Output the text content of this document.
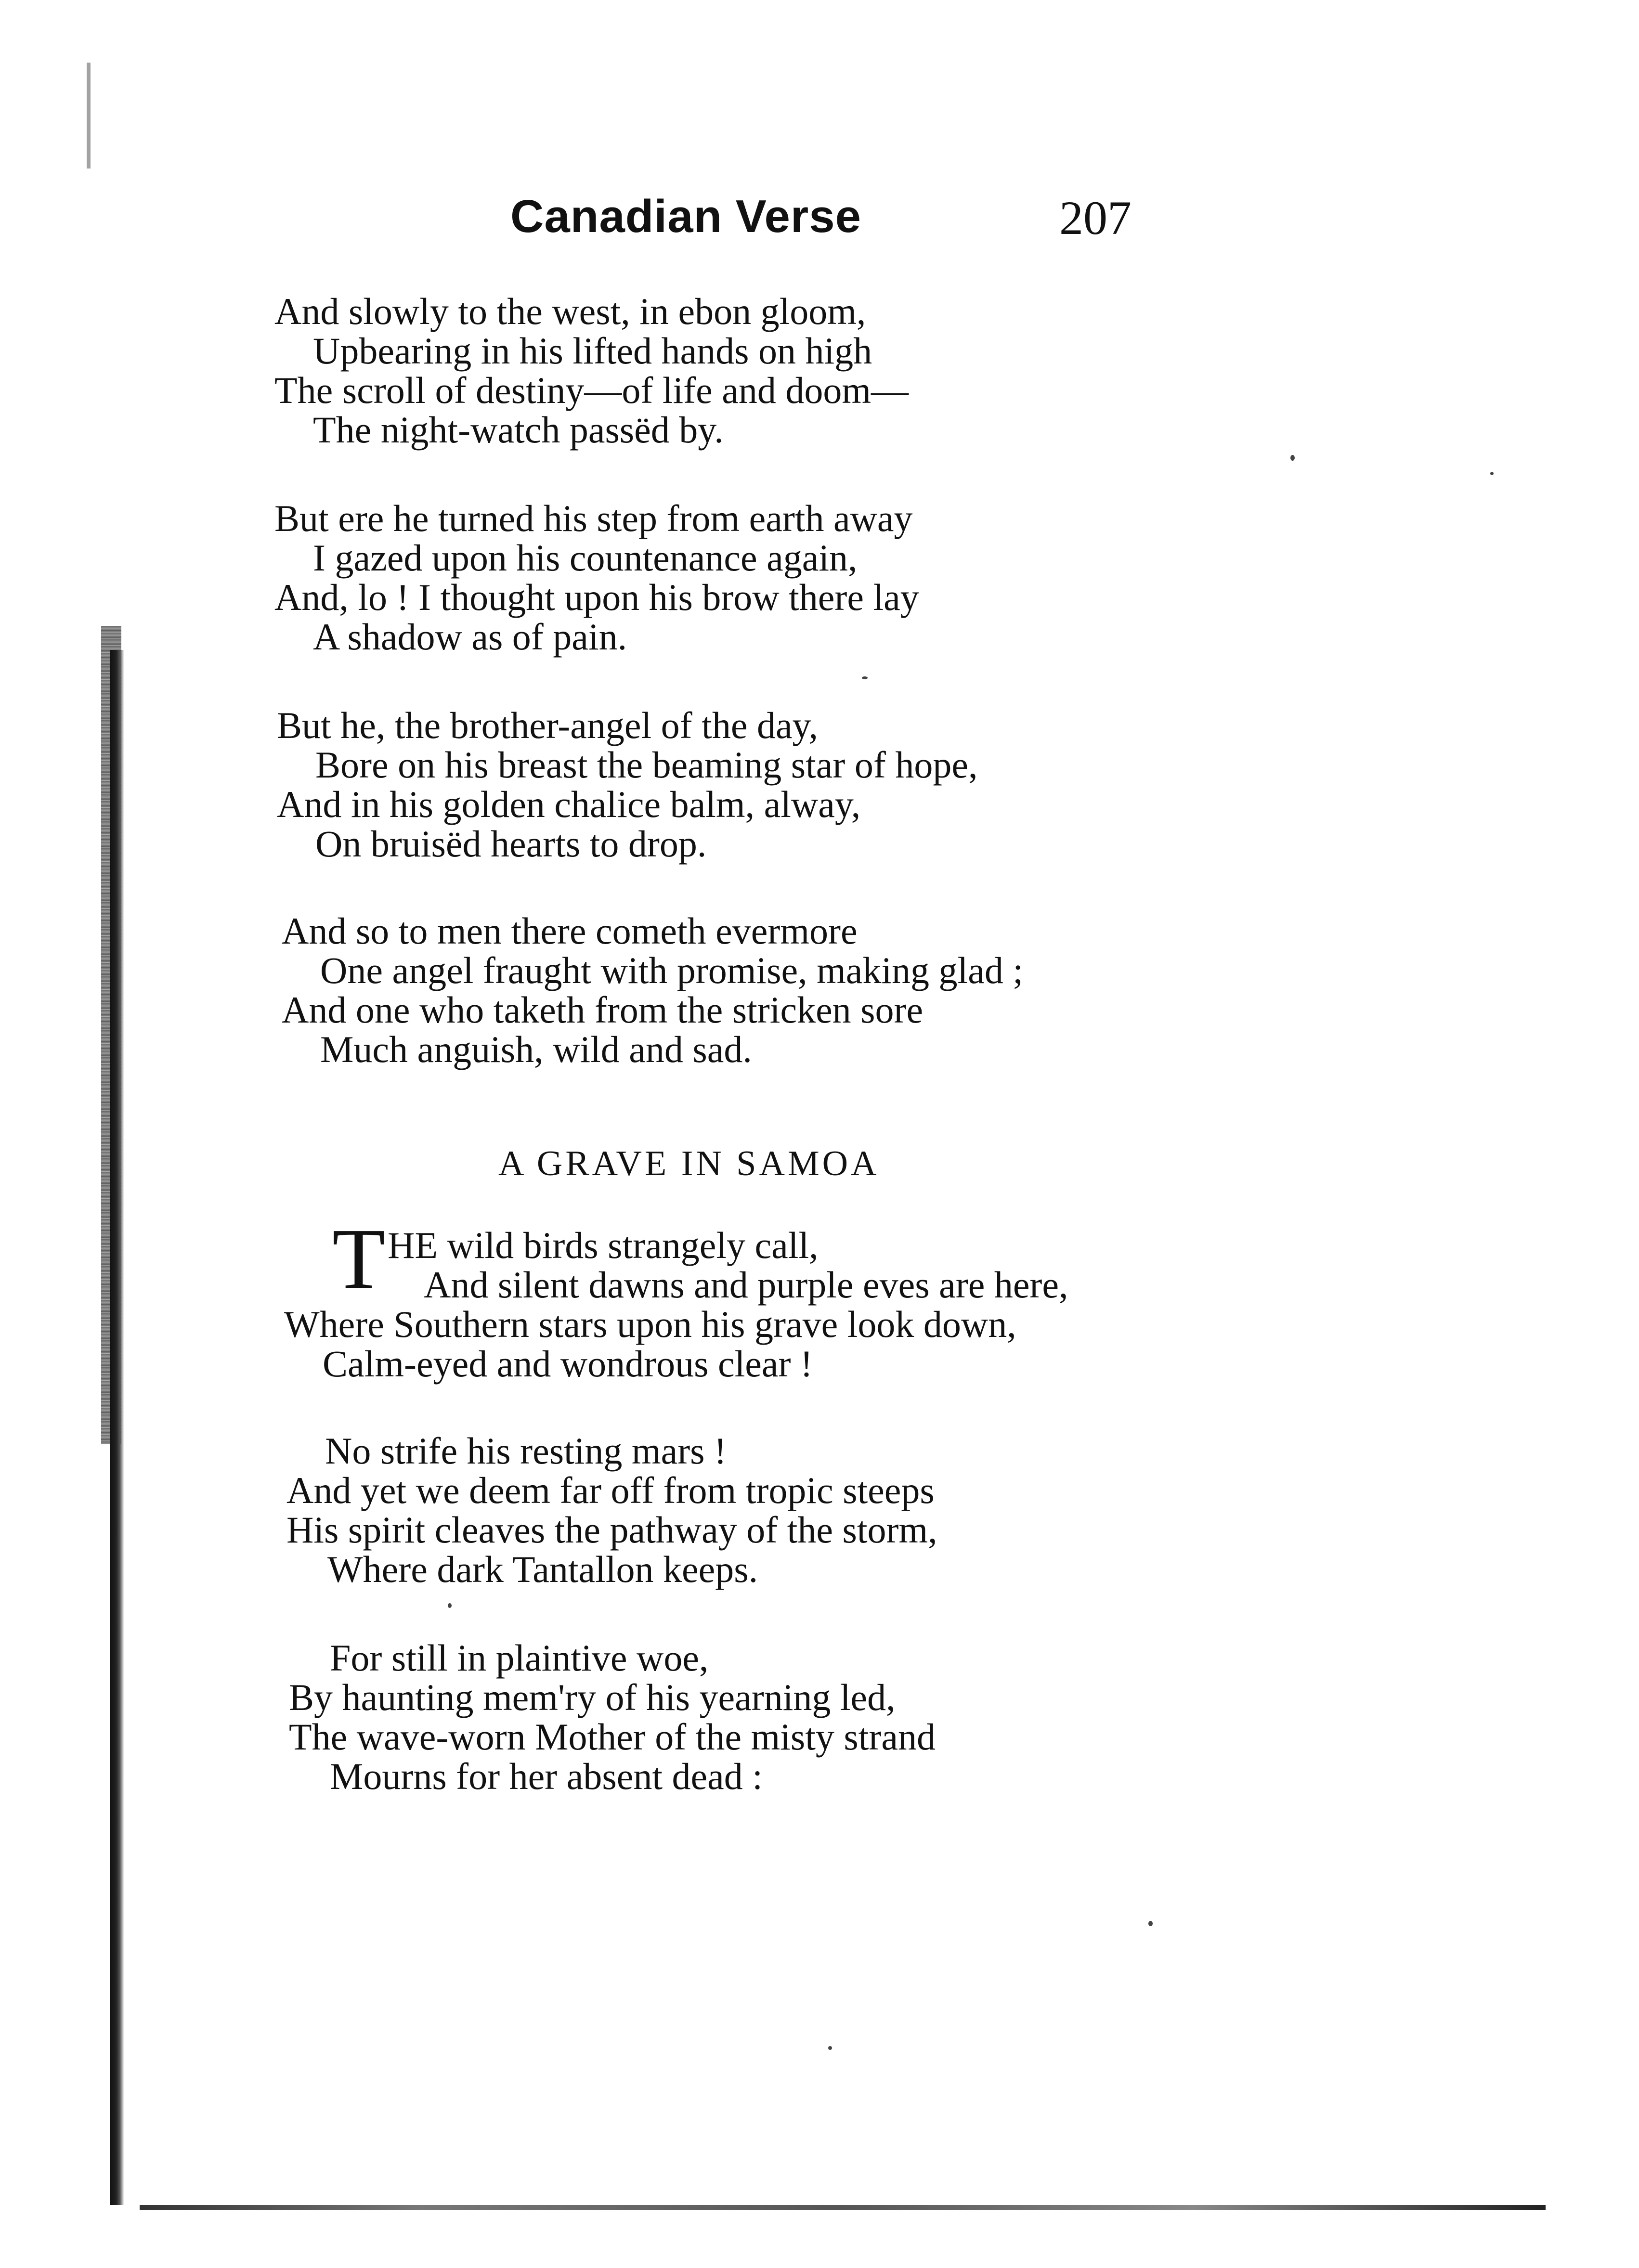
Canadian Verse	207
And slowly to the west, in ebon gloom,
Upbearing in his lifted hands on high
The scroll of destiny—of life and doom—
The night-watch passëd by.
But ere he turned his step from earth away
I gazed upon his countenance again,
And, lo ! I thought upon his brow there lay
A shadow as of pain.
But he, the brother-angel of the day,
Bore on his breast the beaming star of hope,
And in his golden chalice balm, alway,
On bruisëd hearts to drop.
And so to men there cometh evermore
One angel fraught with promise, making glad ;
And one who taketh from the stricken sore
Much anguish, wild and sad.
A GRAVE IN SAMOA
T HE wild birds strangely call,
And silent dawns and purple eves are here,
Where Southern stars upon his grave look down,
Calm-eyed and wondrous clear !
No strife his resting mars !
And yet we deem far off from tropic steeps
His spirit cleaves the pathway of the storm,
Where dark Tantallon keeps.
For still in plaintive woe,
By haunting mem'ry of his yearning led,
The wave-worn Mother of the misty strand
Mourns for her absent dead :
